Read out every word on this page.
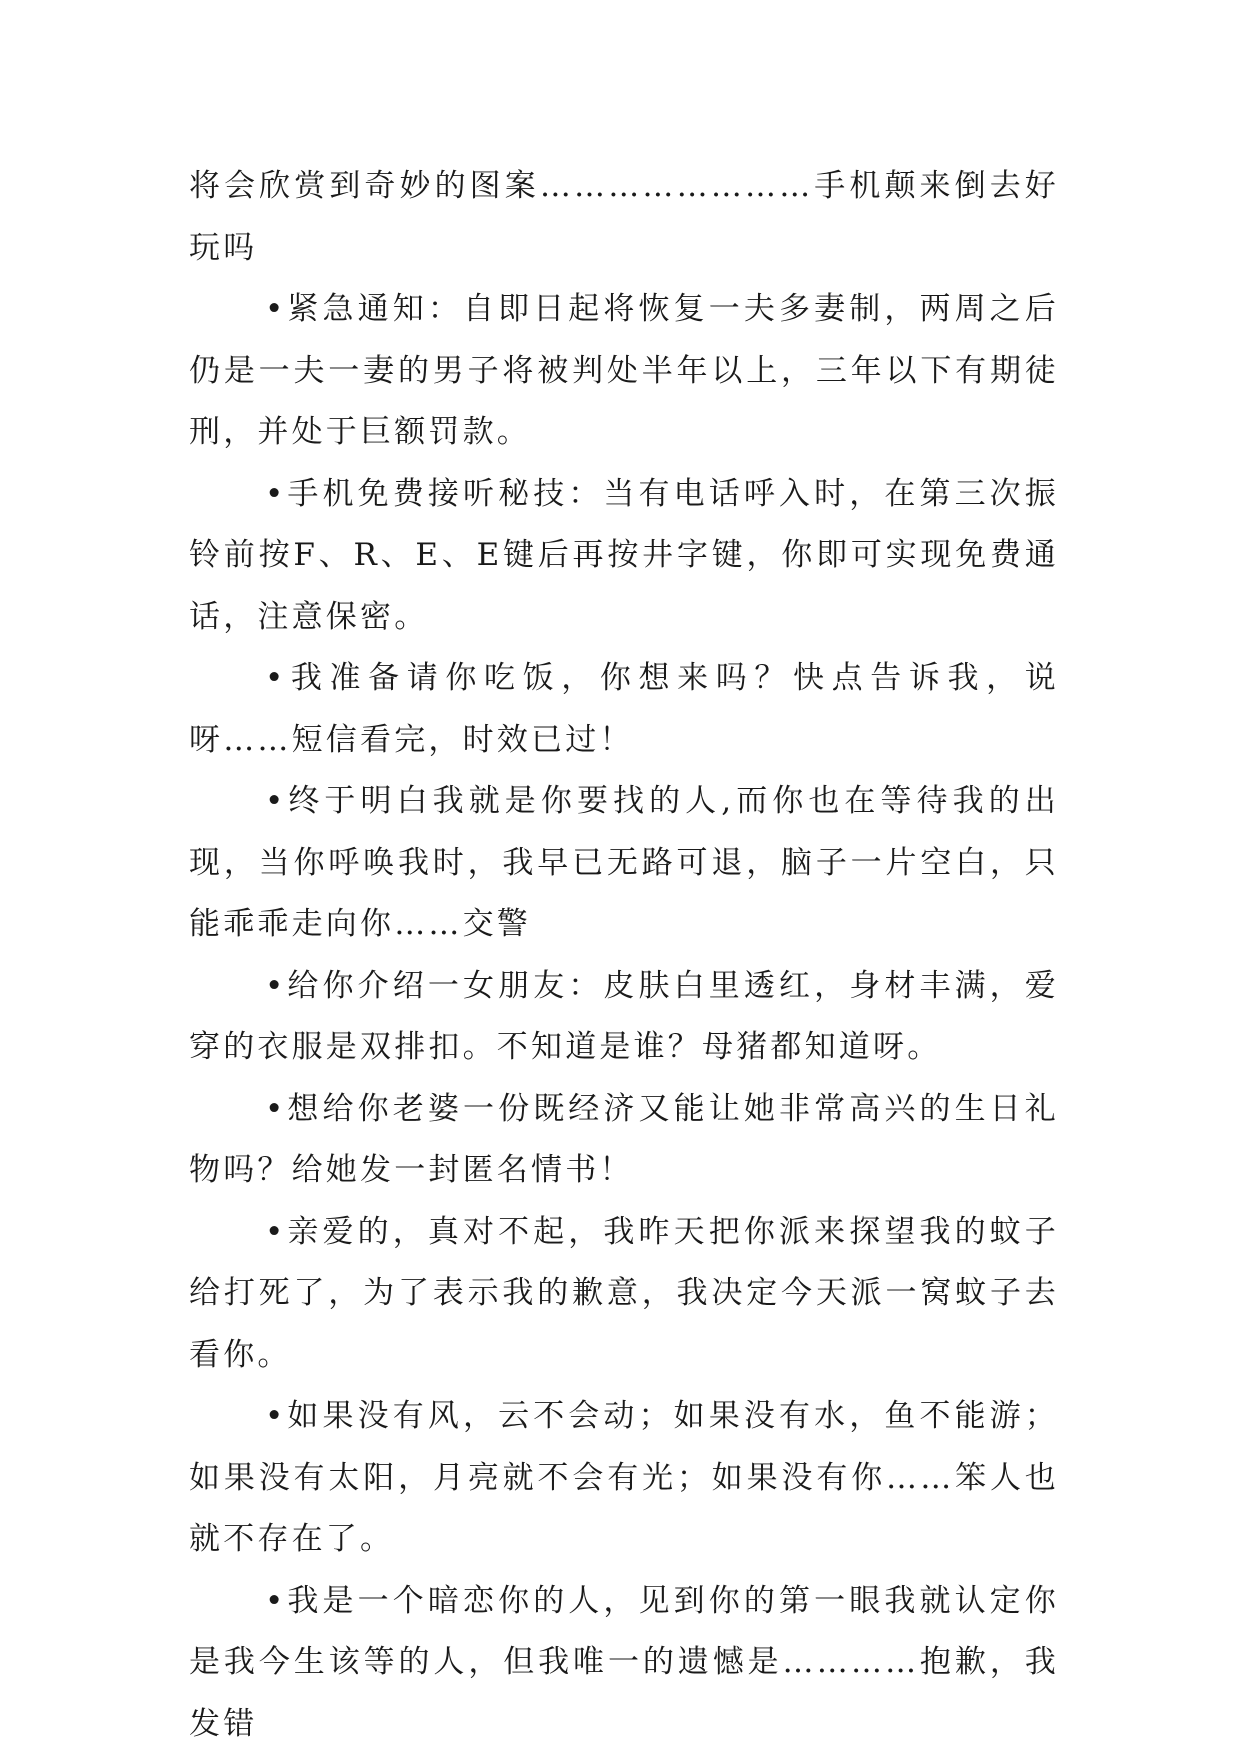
将会欣赏到奇妙的图案……………………手机颠来倒去好玩吗

•紧急通知：自即日起将恢复一夫多妻制，两周之后仍是一夫一妻的男子将被判处半年以上，三年以下有期徒刑，并处于巨额罚款。

•手机免费接听秘技：当有电话呼入时，在第三次振铃前按F、R、E、E键后再按井字键，你即可实现免费通话，注意保密。

•我准备请你吃饭，你想来吗？快点告诉我，说呀……短信看完，时效已过！

•终于明白我就是你要找的人,而你也在等待我的出现，当你呼唤我时，我早已无路可退，脑子一片空白，只能乖乖走向你……交警

•给你介绍一女朋友：皮肤白里透红，身材丰满，爱穿的衣服是双排扣。不知道是谁？母猪都知道呀。

•想给你老婆一份既经济又能让她非常高兴的生日礼物吗？给她发一封匿名情书！

•亲爱的，真对不起，我昨天把你派来探望我的蚊子给打死了，为了表示我的歉意，我决定今天派一窝蚊子去看你。

•如果没有风，云不会动；如果没有水，鱼不能游；如果没有太阳，月亮就不会有光；如果没有你……笨人也就不存在了。

•我是一个暗恋你的人，见到你的第一眼我就认定你是我今生该等的人，但我唯一的遗憾是…………抱歉，我发错
